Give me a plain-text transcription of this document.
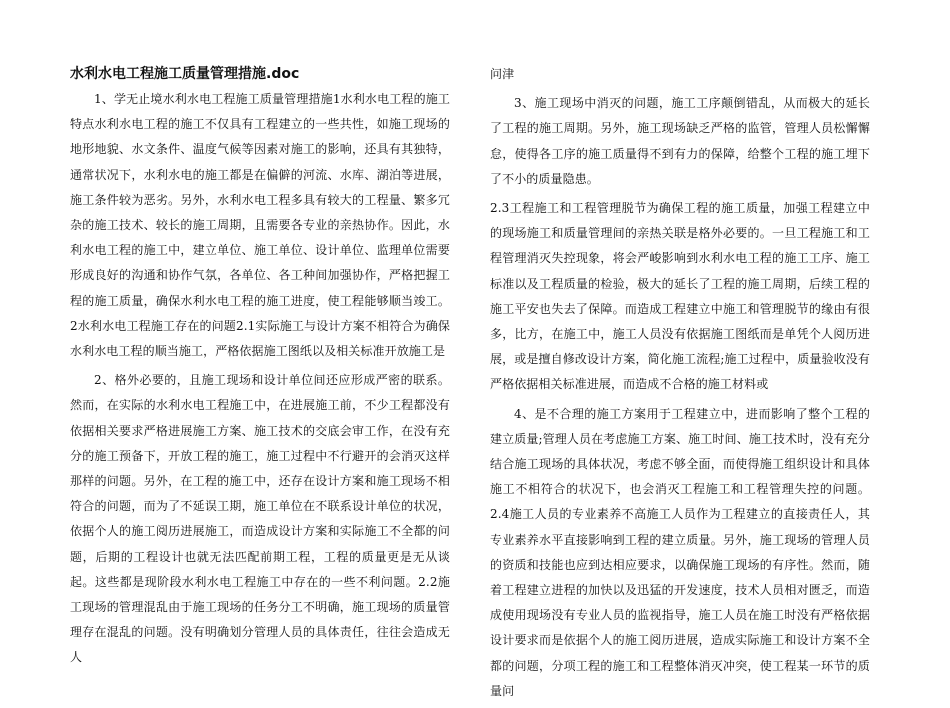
水利水电工程施工质量管理措施.doc

1、学无止境水利水电工程施工质量管理措施1水利水电工程的施工特点水利水电工程的施工不仅具有工程建立的一些共性，如施工现场的地形地貌、水文条件、温度气候等因素对施工的影响，还具有其独特，通常状况下，水利水电的施工都是在偏僻的河流、水库、湖泊等进展，施工条件较为恶劣。另外，水利水电工程多具有较大的工程量、繁多冗杂的施工技术、较长的施工周期，且需要各专业的亲热协作。因此，水利水电工程的施工中，建立单位、施工单位、设计单位、监理单位需要形成良好的沟通和协作气氛，各单位、各工种间加强协作，严格把握工程的施工质量，确保水利水电工程的施工进度，使工程能够顺当竣工。2水利水电工程施工存在的问题2.1实际施工与设计方案不相符合为确保水利水电工程的顺当施工，严格依据施工图纸以及相关标准开放施工是

2、格外必要的，且施工现场和设计单位间还应形成严密的联系。然而，在实际的水利水电工程施工中，在进展施工前，不少工程都没有依据相关要求严格进展施工方案、施工技术的交底会审工作，在没有充分的施工预备下，开放工程的施工，施工过程中不行避开的会消灭这样那样的问题。另外，在工程的施工中，还存在设计方案和施工现场不相符合的问题，而为了不延误工期，施工单位在不联系设计单位的状况，依据个人的施工阅历进展施工，而造成设计方案和实际施工不全都的问题，后期的工程设计也就无法匹配前期工程，工程的质量更是无从谈起。这些都是现阶段水利水电工程施工中存在的一些不利问题。2.2施工现场的管理混乱由于施工现场的任务分工不明确，施工现场的质量管理存在混乱的问题。没有明确划分管理人员的具体责任，往往会造成无人

问津

3、施工现场中消灭的问题，施工工序颠倒错乱，从而极大的延长了工程的施工周期。另外，施工现场缺乏严格的监管，管理人员松懈懈怠，使得各工序的施工质量得不到有力的保障，给整个工程的施工埋下了不小的质量隐患。

2.3工程施工和工程管理脱节为确保工程的施工质量，加强工程建立中的现场施工和质量管理间的亲热关联是格外必要的。一旦工程施工和工程管理消灭失控现象，将会严峻影响到水利水电工程的施工工序、施工标准以及工程质量的检验，极大的延长了工程的施工周期，后续工程的施工平安也失去了保障。而造成工程建立中施工和管理脱节的缘由有很多，比方，在施工中，施工人员没有依据施工图纸而是单凭个人阅历进展，或是擅自修改设计方案，简化施工流程;施工过程中，质量验收没有严格依据相关标准进展，而造成不合格的施工材料或

4、是不合理的施工方案用于工程建立中，进而影响了整个工程的建立质量;管理人员在考虑施工方案、施工时间、施工技术时，没有充分结合施工现场的具体状况，考虑不够全面，而使得施工组织设计和具体施工不相符合的状况下，也会消灭工程施工和工程管理失控的问题。2.4施工人员的专业素养不高施工人员作为工程建立的直接责任人，其专业素养水平直接影响到工程的建立质量。另外，施工现场的管理人员的资质和技能也应到达相应要求，以确保施工现场的有序性。然而，随着工程建立进程的加快以及迅猛的开发速度，技术人员相对匮乏，而造成使用现场没有专业人员的监视指导，施工人员在施工时没有严格依据设计要求而是依据个人的施工阅历进展，造成实际施工和设计方案不全都的问题，分项工程的施工和工程整体消灭冲突，使工程某一环节的质量问
